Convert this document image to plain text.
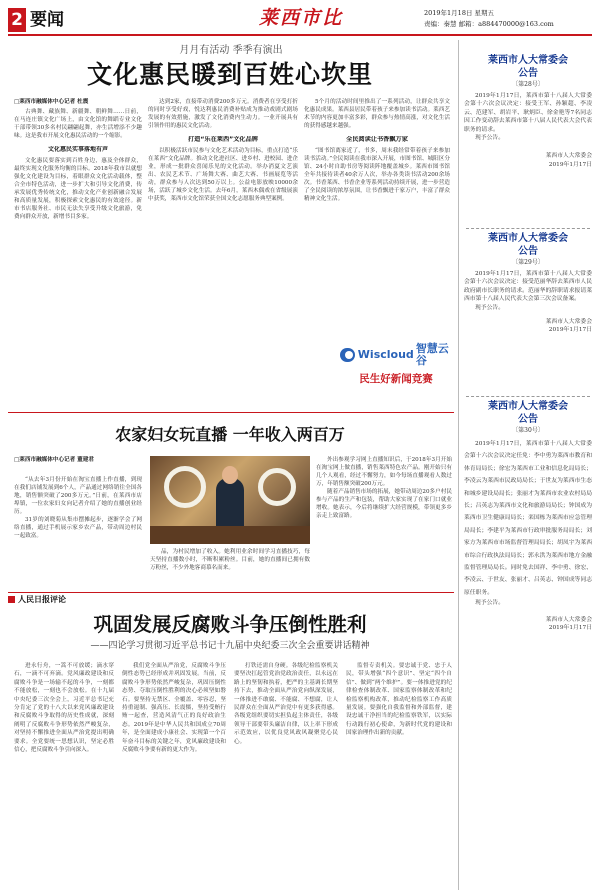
2 要闻	莱西市比	2019年1月18日 星期五
责编：秦慧 邮箱：a884470000@163.com
月月有活动 季季有演出
文化惠民暖到百姓心坎里
□莱西市融媒体中心记者 杜震

古典舞、藏族舞、新疆舞、朝鲜舞……日前，在马连庄镇文化广场上，由文化馆的舞蹈专业文化干部带领30多名村民翩翩起舞，亦生活增添不少趣味。这是我市开展文化惠民活动的一个缩影。

文化惠民实事落地有声

文化惠民要落实到百姓身边，惠及全体群众，最终实现文化服务均衡的目标。2018年我市以就想强化文化建设为目标，着眼群众文化活动载体，整合全市特色活动，进一步扩大和引导文化消费，传承发展优秀传统文化，推动文化产业创新融合发展和高质量发展，积极探索文化惠民的有效途径。新市书店服务社、市民无法失享受升级文化旅游，免费向群众开放，新增书目多家。

达到2家，直接带动消费200多万元。消费者在享受打折的同时享受好戏，悦达利惠民消费补贴成为推动戏剧式剧场发展的有效措施，激发了文化消费内生动力。一业开展具有引领作用的惠民文化活动。

打造“乐在莱西”文化品牌

以积极活跃市民参与文化艺术活动为目标，重点打造“乐在莱西”文化品牌。推动文化进社区、进乡村、进校园、进企业，形成一批群众喜闻乐见的文化活动。举办消夏文艺演出、农民艺术节、广场舞大赛、曲艺大赛、书画展览等活动，群众参与人次达到50万以上。公益电影放映10000余场，活跃了城乡文化生活。去年6月，莱西木偶戏在省级展演中获奖，莱西市文化馆荣获全国文化志愿服务典型案例。

5个月的活动时间里推出了一系列活动，让群众共享文化惠民成果。莱西县居民带着孩子来参加读书活动。莱西艺术节的内容更加丰富多彩，群众参与热情高涨，对文化生活的获得感越来越强。

全民阅读让书香飘万家

“图书馆离家近了，书多，周末我经常带着孩子来参加读书活动。”全民阅读在我市深入开展，市图书馆、城阳区分馆、24小时自助书房等阅读阵地覆盖城乡。莱西市图书馆全年共接待读者40余万人次，举办各类读书活动200余场次。书香莱西、书香企业等系列活动持续开展，进一步营造了全民阅读的浓厚氛围，让书香飘进千家万户，丰富了群众精神文化生活。

Wiscloud 智慧云谷
民生好新闻竞赛
农家妇女玩直播 一年收入两百万
□莱西市融媒体中心记者 董建君

“从去年3月份开始在淘宝直播上作直播，到现在我们店铺发展到6个人，产品通过网络销往全国各地，销售额突破了200多万元。”日前，在莱西市店埠镇，一位农家妇女向记者介绍了她的直播创业经历。

31岁的刘晓菊从集市摆摊起步，逐渐学会了网络直播，通过手机展示家乡农产品，带动周边村民一起致富。

品，为村民增加了收入。她利用业余时间学习直播技巧，每天坚持直播数小时，不断积累粉丝。目前，她的直播间已拥有数万粉丝，不少外地客商慕名而来。

外出参观学习网上直播知识后，于2018年3月开始在淘宝网上做直播，销售莱西特色农产品。刚开始只有几个人观看，经过不懈努力，如今每场直播观看人数过万，年销售额突破200万元。

随着产品销售市场的拓展，她带动周边20多户村民参与产品的生产和包装，帮助大家实现了在家门口就业增收。她表示，今后将继续扩大经营规模，带领更多乡亲走上致富路。

人民日报评论
巩固发展反腐败斗争压倒性胜利
——四论学习贯彻习近平总书记十九届中央纪委三次全会重要讲话精神

进永行舟，一篙不可放缓；滴水穿石，一滴不可弃滴。党风廉政建设和反腐败斗争是一场输不起的斗争，一刻都不能放松，一刻也不会放松。在十九届中央纪委三次全会上，习近平总书记充分肯定了党的十八大以来党风廉政建设和反腐败斗争取得的历史性成就，深刻阐明了反腐败斗争形势依然严峻复杂，对坚持不懈推进全面从严治党提出明确要求。全党要统一思想认识，坚定必胜信心，把反腐败斗争引向深入。

我们党全面从严治党，反腐败斗争压倒性态势已经形成并巩固发展。当前，反腐败斗争形势依然严峻复杂，巩固压倒性态势、夺取压倒性胜利的决心必须坚如磐石。要坚持无禁区、全覆盖、零容忍，坚持重遏制、强高压、长震慑，坚持受贿行贿一起查，营造风清气正的良好政治生态。2019年是中华人民共和国成立70周年，是全面建成小康社会、实现第一个百年奋斗目标的关键之年，党风廉政建设和反腐败斗争要有新的更大作为。

打铁还需自身硬。各级纪检监察机关要坚决扛起管党治党政治责任，以永远在路上的坚韧和执着，把严的主基调长期坚持下去，推动全面从严治党向纵深发展，一体推进不敢腐、不能腐、不想腐，让人民群众在全面从严治党中有更多获得感。各级党组织要切实担负起主体责任，各级领导干部要带头廉洁自律，以上率下形成示范效应，以优良党风政风凝聚党心民心。

监督专责机关。要忠诚于党、忠于人民，带头增强“四个意识”、坚定“四个自信”、做到“两个维护”。要一体推进党的纪律检查体制改革、国家监察体制改革和纪检监察机构改革，推动纪检监察工作高质量发展。要强化自我监督和外部监督，建设忠诚干净担当的纪检监察铁军，以实际行动践行初心使命，为新时代党的建设和国家治理作出新的贡献。

莱西市人大常委会
公告
〔第28号〕

2019年1月17日，莱西市第十八届人大常委会第十六次会议决定：接受王军、孙颖超、李凌云、范建军、胡岩平、耿炳臣、徐金艳等7名同志因工作变动辞去莱西市第十八届人民代表大会代表职务的请求。

现予公告。

莱西市人大常委会

2019年1月17日

莱西市人大常委会
公告
〔第29号〕

2019年1月17日，莱西市第十八届人大常委会第十六次会议决定：接受范丽华辞去莱西市人民政府副市长职务的请求。范丽华的辞职请求报请莱西市第十八届人民代表大会第三次会议备案。

现予公告。

莱西市人大常委会

2019年1月17日

莱西市人大常委会
公告
〔第30号〕

2019年1月17日，莱西市第十八届人大常委会第十六次会议决定任免：李中勇为莱西市教育和体育局局长；徐宏为莱西市工业和信息化局局长；李凌云为莱西市民政局局长；于世友为莱西市生态和城乡建设局局长；张丽才为莱西市农业农村局局长；吕英志为莱西市文化和旅游局局长；钟国成为莱西市卫生健康局局长；栾国栋为莱西市应急管理局局长；李建平为莱西市行政审批服务局局长；刘家方为莱西市市场监督管理局局长；胡凤宇为莱西市综合行政执法局局长；郭永洪为莱西市地方金融监督管理局局长。同时免去国祥、李中勇、徐宏、李凌云、于世友、张丽才、吕英志、钟国成等同志原任职务。

现予公告。

莱西市人大常委会

2019年1月17日
